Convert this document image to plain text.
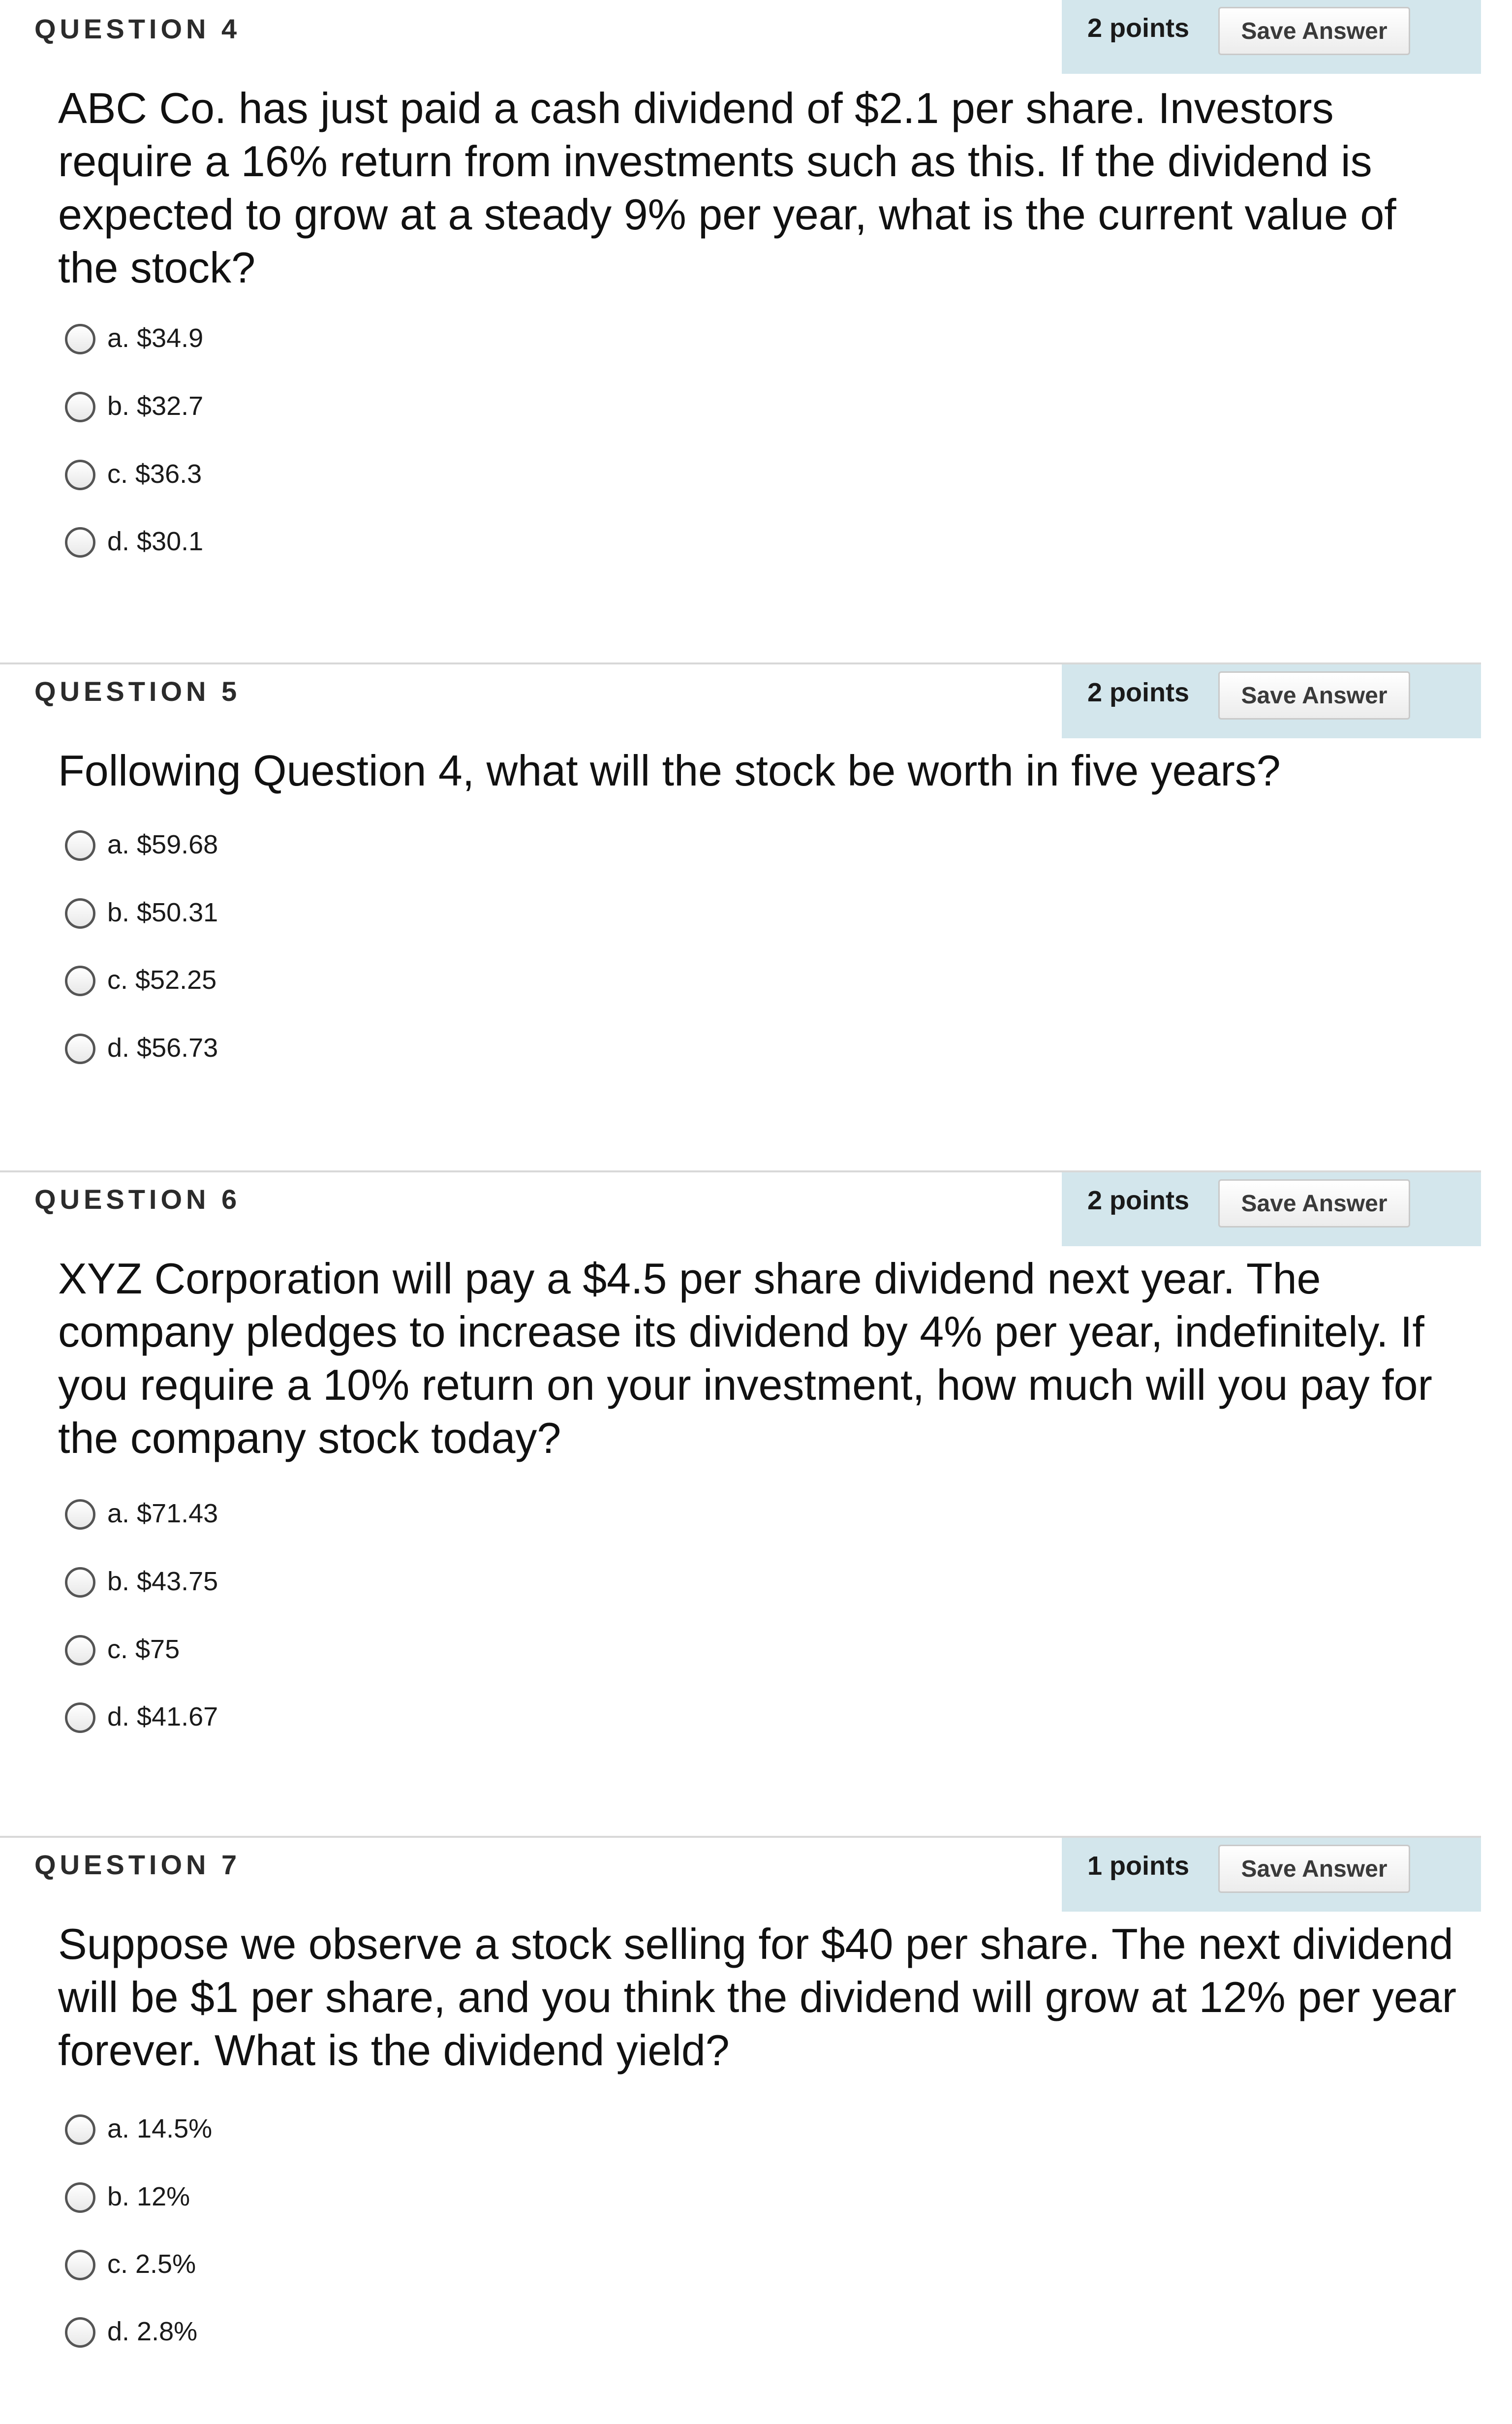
QUESTION 4	2 points	Save Answer
ABC Co. has just paid a cash dividend of $2.1 per share. Investors require a 16% return from investments such as this. If the dividend is expected to grow at a steady 9% per year, what is the current value of the stock?
a. $34.9
b. $32.7
c. $36.3
d. $30.1
QUESTION 5	2 points	Save Answer
Following Question 4, what will the stock be worth in five years?
a. $59.68
b. $50.31
c. $52.25
d. $56.73
QUESTION 6	2 points	Save Answer
XYZ Corporation will pay a $4.5 per share dividend next year. The company pledges to increase its dividend by 4% per year, indefinitely. If you require a 10% return on your investment, how much will you pay for the company stock today?
a. $71.43
b. $43.75
c. $75
d. $41.67
QUESTION 7	1 points	Save Answer
Suppose we observe a stock selling for $40 per share. The next dividend will be $1 per share, and you think the dividend will grow at 12% per year forever. What is the dividend yield?
a. 14.5%
b. 12%
c. 2.5%
d. 2.8%
